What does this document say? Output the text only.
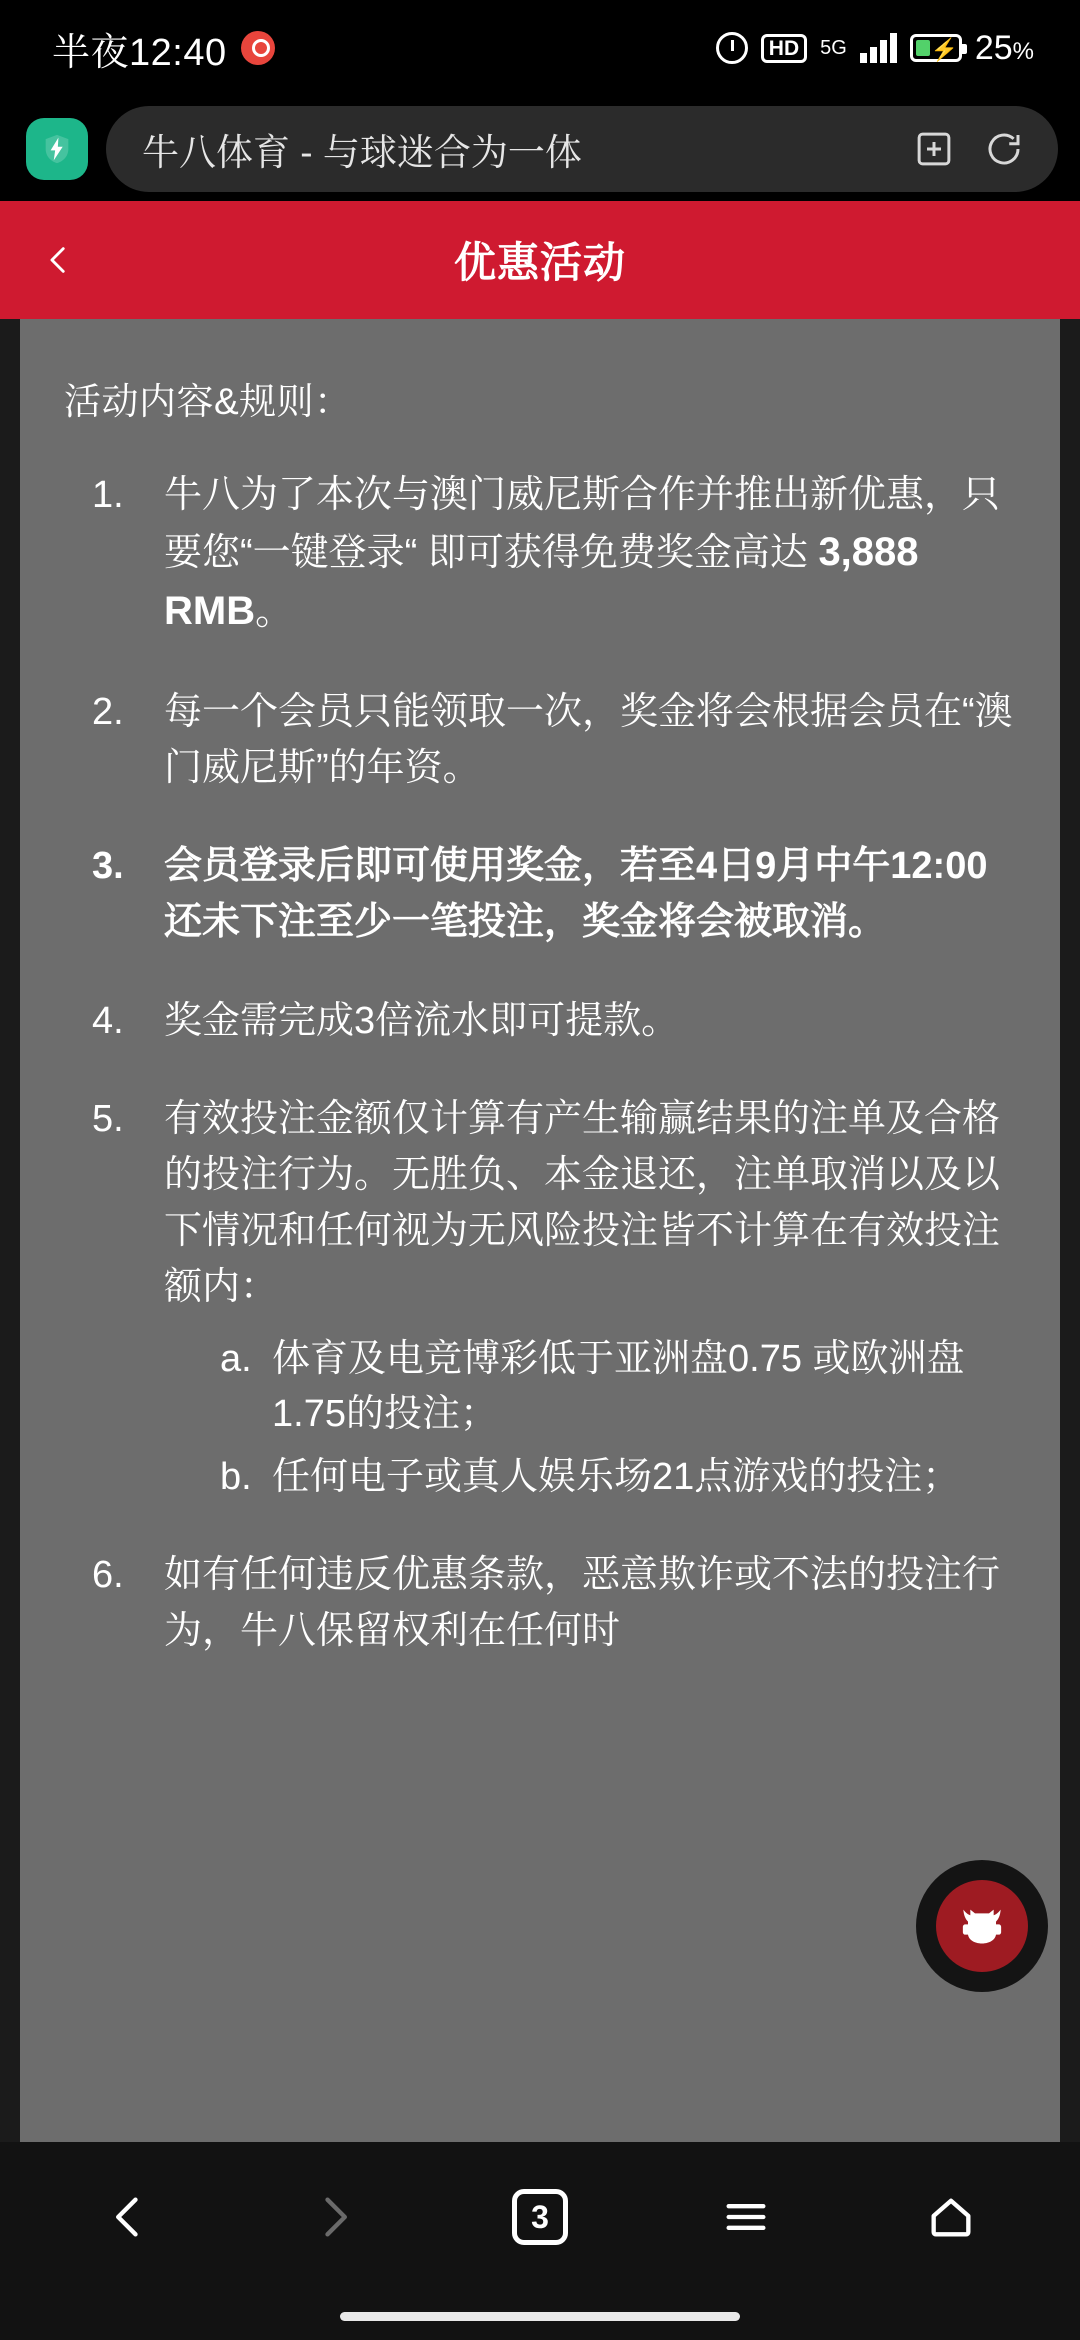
半夜12:40	HD	5G	⚡ 25%
牛八体育 - 与球迷合为一体
优惠活动
活动内容&规则：
牛八为了本次与澳门威尼斯合作并推出新优惠，只要您“一键登录“ 即可获得免费奖金高达 3,888 RMB。
每一个会员只能领取一次，奖金将会根据会员在“澳门威尼斯”的年资。
会员登录后即可使用奖金，若至4日9月中午12:00 还未下注至少一笔投注，奖金将会被取消。
奖金需完成3倍流水即可提款。
有效投注金额仅计算有产生输赢结果的注单及合格的投注行为。无胜负、本金退还，注单取消以及以下情况和任何视为无风险投注皆不计算在有效投注额内：
体育及电竞博彩低于亚洲盘0.75 或欧洲盘1.75的投注；
任何电子或真人娱乐场21点游戏的投注；
如有任何违反优惠条款，恶意欺诈或不法的投注行为，牛八保留权利在任何时
3
